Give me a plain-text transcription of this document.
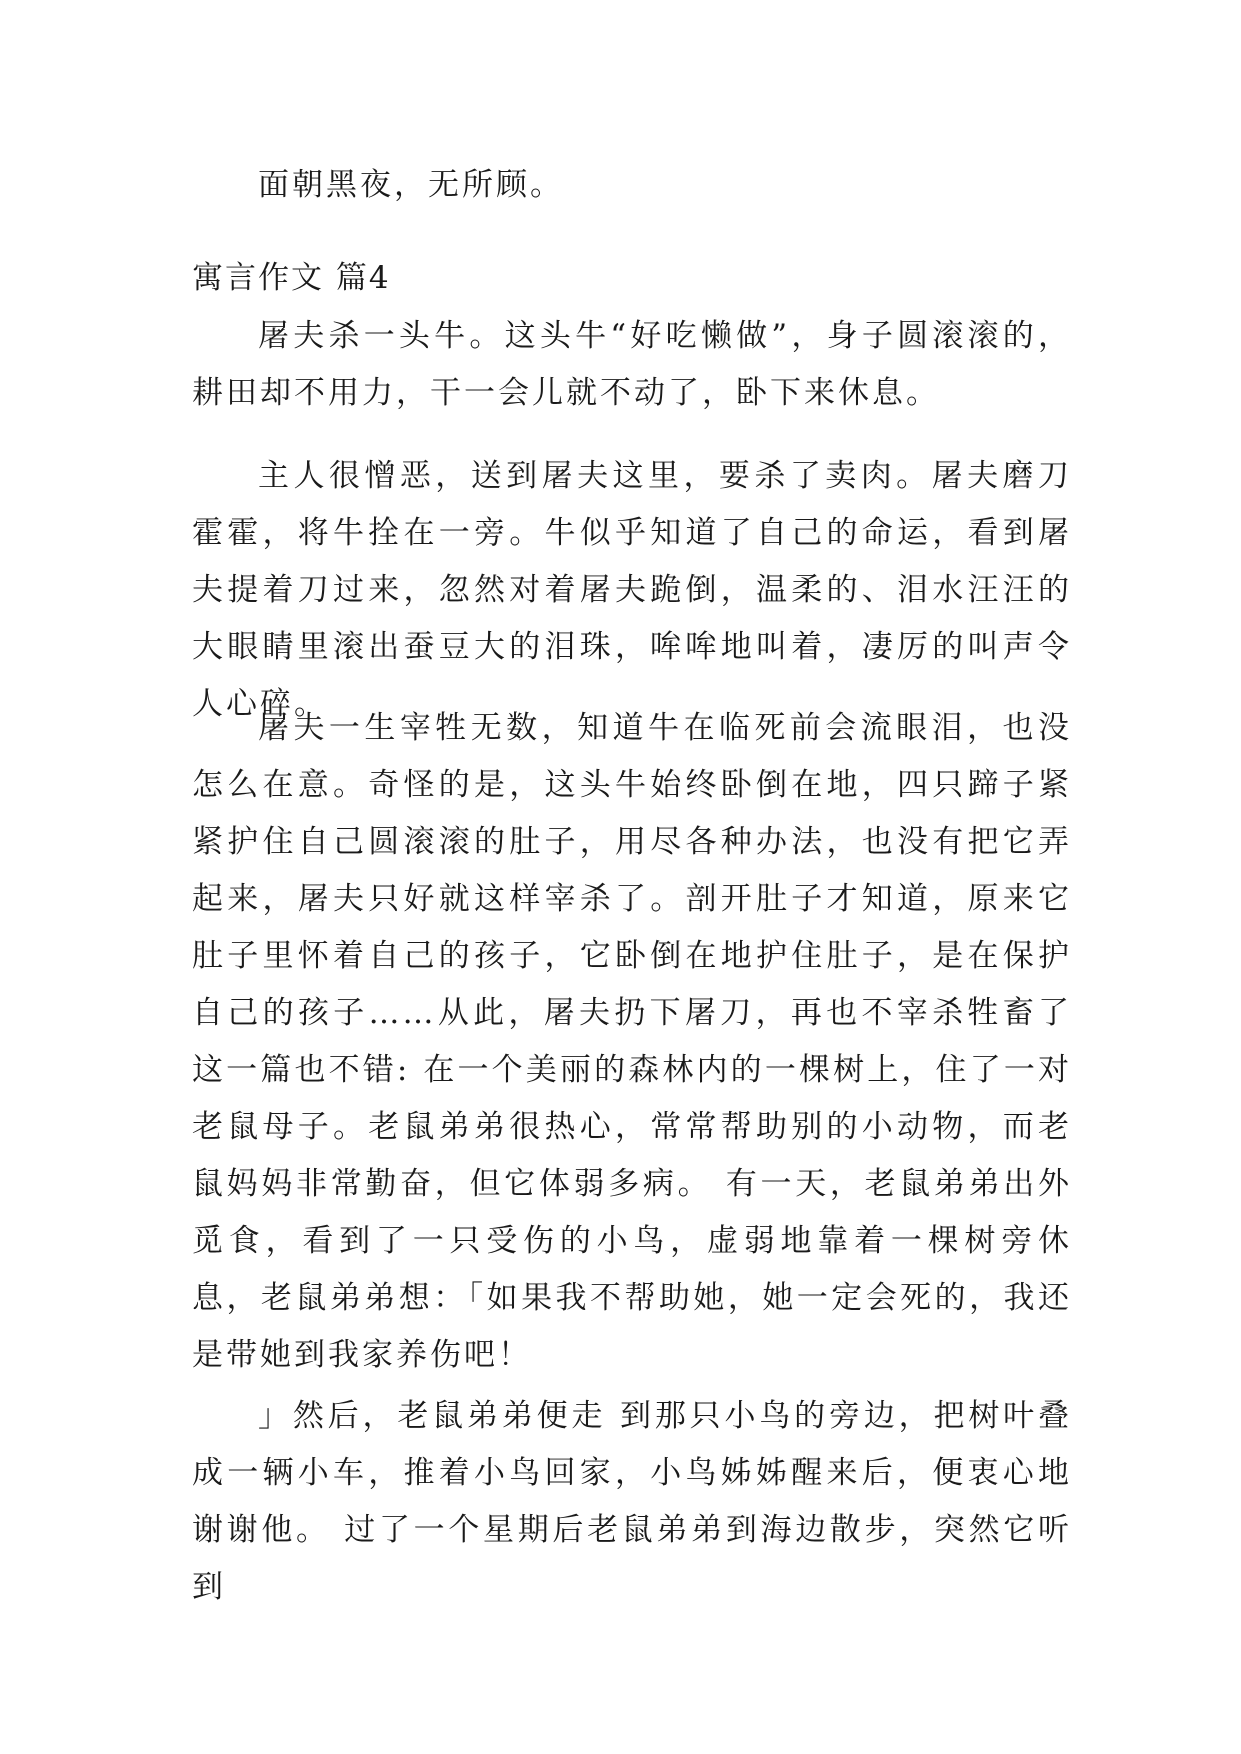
面朝黑夜，无所顾。

寓言作文 篇4

屠夫杀一头牛。这头牛“好吃懒做”，身子圆滚滚的，耕田却不用力，干一会儿就不动了，卧下来休息。

主人很憎恶，送到屠夫这里，要杀了卖肉。屠夫磨刀霍霍，将牛拴在一旁。牛似乎知道了自己的命运，看到屠夫提着刀过来，忽然对着屠夫跪倒，温柔的、泪水汪汪的大眼睛里滚出蚕豆大的泪珠，哞哞地叫着，凄厉的叫声令人心碎。

屠夫一生宰牲无数，知道牛在临死前会流眼泪，也没怎么在意。奇怪的是，这头牛始终卧倒在地，四只蹄子紧紧护住自己圆滚滚的肚子，用尽各种办法，也没有把它弄起来，屠夫只好就这样宰杀了。剖开肚子才知道，原来它肚子里怀着自己的孩子，它卧倒在地护住肚子，是在保护自己的孩子……从此，屠夫扔下屠刀，再也不宰杀牲畜了 这一篇也不错: 在一个美丽的森林内的一棵树上，住了一对老鼠母子。老鼠弟弟很热心，常常帮助别的小动物，而老鼠妈妈非常勤奋，但它体弱多病。 有一天，老鼠弟弟出外觅食，看到了一只受伤的小鸟，虚弱地靠着一棵树旁休息，老鼠弟弟想：「如果我不帮助她，她一定会死的，我还是带她到我家养伤吧！

」然后，老鼠弟弟便走 到那只小鸟的旁边，把树叶叠成一辆小车，推着小鸟回家，小鸟姊姊醒来后，便衷心地谢谢他。 过了一个星期后老鼠弟弟到海边散步，突然它听到
